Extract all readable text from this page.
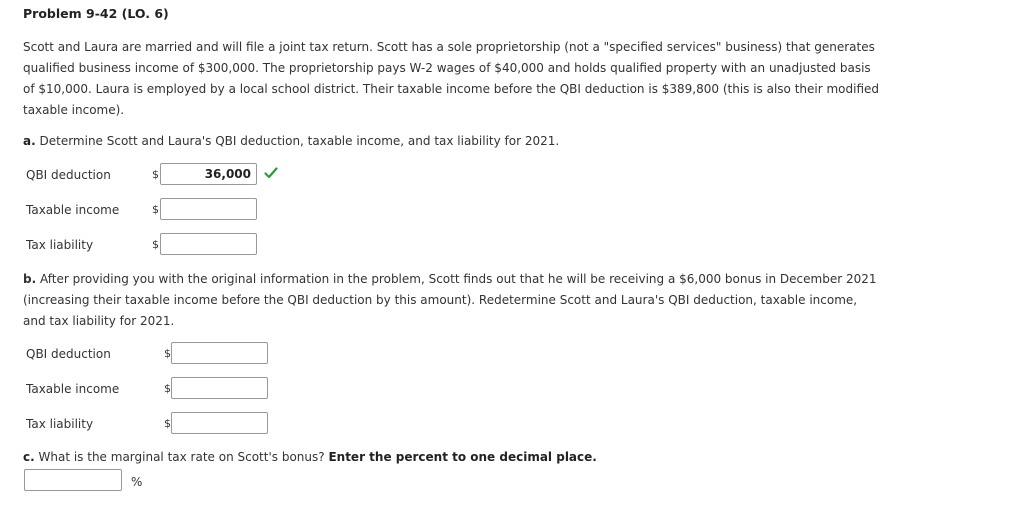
Problem 9-42 (LO. 6)
Scott and Laura are married and will file a joint tax return. Scott has a sole proprietorship (not a "specified services" business) that generates qualified business income of $300,000. The proprietorship pays W-2 wages of $40,000 and holds qualified property with an unadjusted basis of $10,000. Laura is employed by a local school district. Their taxable income before the QBI deduction is $389,800 (this is also their modified taxable income).
a. Determine Scott and Laura's QBI deduction, taxable income, and tax liability for 2021.
QBI deduction	$	36,000
Taxable income	$
Tax liability	$
b. After providing you with the original information in the problem, Scott finds out that he will be receiving a $6,000 bonus in December 2021 (increasing their taxable income before the QBI deduction by this amount). Redetermine Scott and Laura's QBI deduction, taxable income, and tax liability for 2021.
QBI deduction	$
Taxable income	$
Tax liability	$
c. What is the marginal tax rate on Scott's bonus? Enter the percent to one decimal place.
%
